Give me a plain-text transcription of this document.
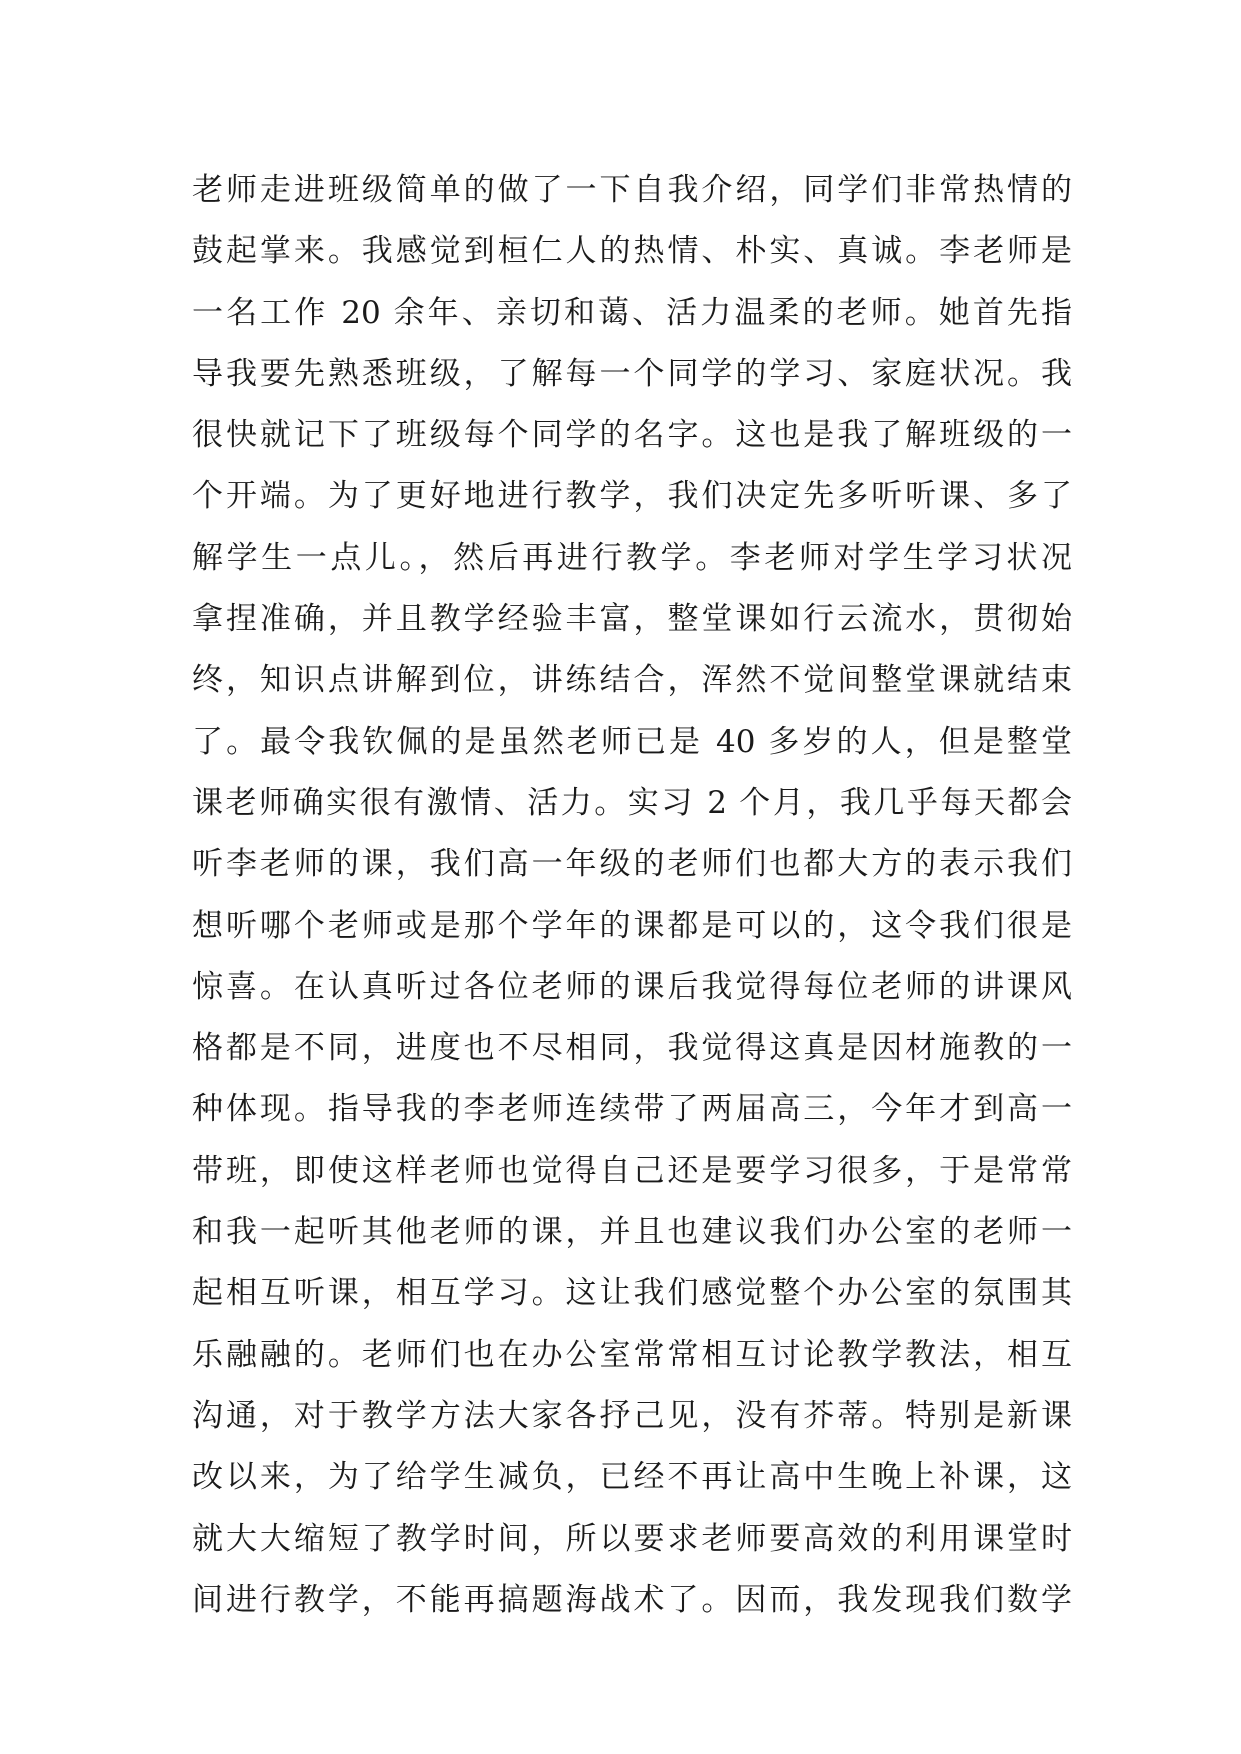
老师走进班级简单的做了一下自我介绍，同学们非常热情的
鼓起掌来。我感觉到桓仁人的热情、朴实、真诚。李老师是
一名工作 20 余年、亲切和蔼、活力温柔的老师。她首先指
导我要先熟悉班级，了解每一个同学的学习、家庭状况。我
很快就记下了班级每个同学的名字。这也是我了解班级的一
个开端。为了更好地进行教学，我们决定先多听听课、多了
解学生一点儿。，然后再进行教学。李老师对学生学习状况
拿捏准确，并且教学经验丰富，整堂课如行云流水，贯彻始
终，知识点讲解到位，讲练结合，浑然不觉间整堂课就结束
了。最令我钦佩的是虽然老师已是 40 多岁的人，但是整堂
课老师确实很有激情、活力。实习 2 个月，我几乎每天都会
听李老师的课，我们高一年级的老师们也都大方的表示我们
想听哪个老师或是那个学年的课都是可以的，这令我们很是
惊喜。在认真听过各位老师的课后我觉得每位老师的讲课风
格都是不同，进度也不尽相同，我觉得这真是因材施教的一
种体现。指导我的李老师连续带了两届高三，今年才到高一
带班，即使这样老师也觉得自己还是要学习很多，于是常常
和我一起听其他老师的课，并且也建议我们办公室的老师一
起相互听课，相互学习。这让我们感觉整个办公室的氛围其
乐融融的。老师们也在办公室常常相互讨论教学教法，相互
沟通，对于教学方法大家各抒己见，没有芥蒂。特别是新课
改以来，为了给学生减负，已经不再让高中生晚上补课，这
就大大缩短了教学时间，所以要求老师要高效的利用课堂时
间进行教学，不能再搞题海战术了。因而，我发现我们数学
